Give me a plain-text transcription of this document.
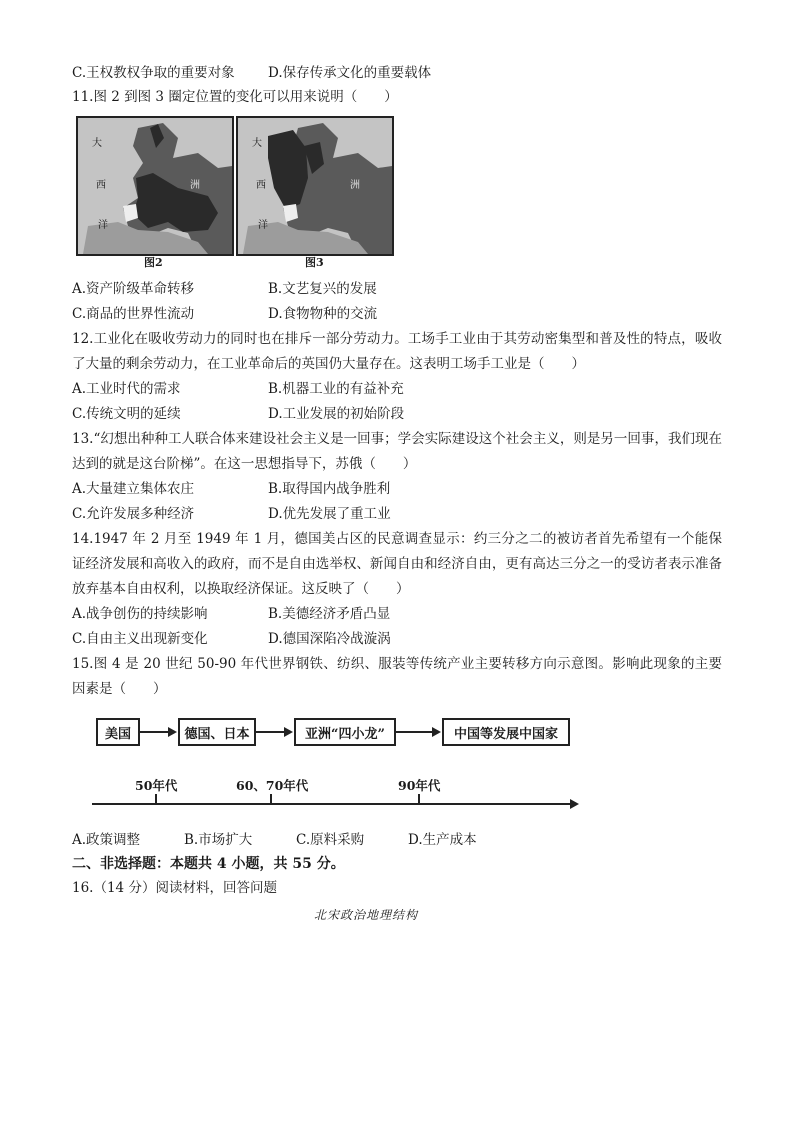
C.王权教权争取的重要对象 D.保存传承文化的重要载体
11.图 2 到图 3 圈定位置的变化可以用来说明（　　）
大
西
洋
洲
图2
大
西
洋
洲
图3
A.资产阶级革命转移	B.文艺复兴的发展
C.商品的世界性流动	D.食物物种的交流
12.工业化在吸收劳动力的同时也在排斥一部分劳动力。工场手工业由于其劳动密集型和普及性的特点，吸收了大量的剩余劳动力，在工业革命后的英国仍大量存在。这表明工场手工业是（　　）
A.工业时代的需求	B.机器工业的有益补充
C.传统文明的延续	D.工业发展的初始阶段
13.“幻想出种种工人联合体来建设社会主义是一回事；学会实际建设这个社会主义，则是另一回事，我们现在达到的就是这台阶梯”。在这一思想指导下，苏俄（　　）
A.大量建立集体农庄	B.取得国内战争胜利
C.允许发展多种经济	D.优先发展了重工业
14.1947 年 2 月至 1949 年 1 月，德国美占区的民意调查显示：约三分之二的被访者首先希望有一个能保证经济发展和高收入的政府，而不是自由选举权、新闻自由和经济自由，更有高达三分之一的受访者表示准备放弃基本自由权利，以换取经济保证。这反映了（　　）
A.战争创伤的持续影响	B.美德经济矛盾凸显
C.自由主义出现新变化	D.德国深陷冷战漩涡
15.图 4 是 20 世纪 50-90 年代世界钢铁、纺织、服装等传统产业主要转移方向示意图。影响此现象的主要因素是（　　）
美国	德国、日本	亚洲“四小龙”	中国等发展中国家
50年代	60、70年代	90年代
A.政策调整	B.市场扩大	C.原料采购	D.生产成本
二、非选择题：本题共 4 小题，共 55 分。
16.（14 分）阅读材料，回答问题
北宋政治地理结构
